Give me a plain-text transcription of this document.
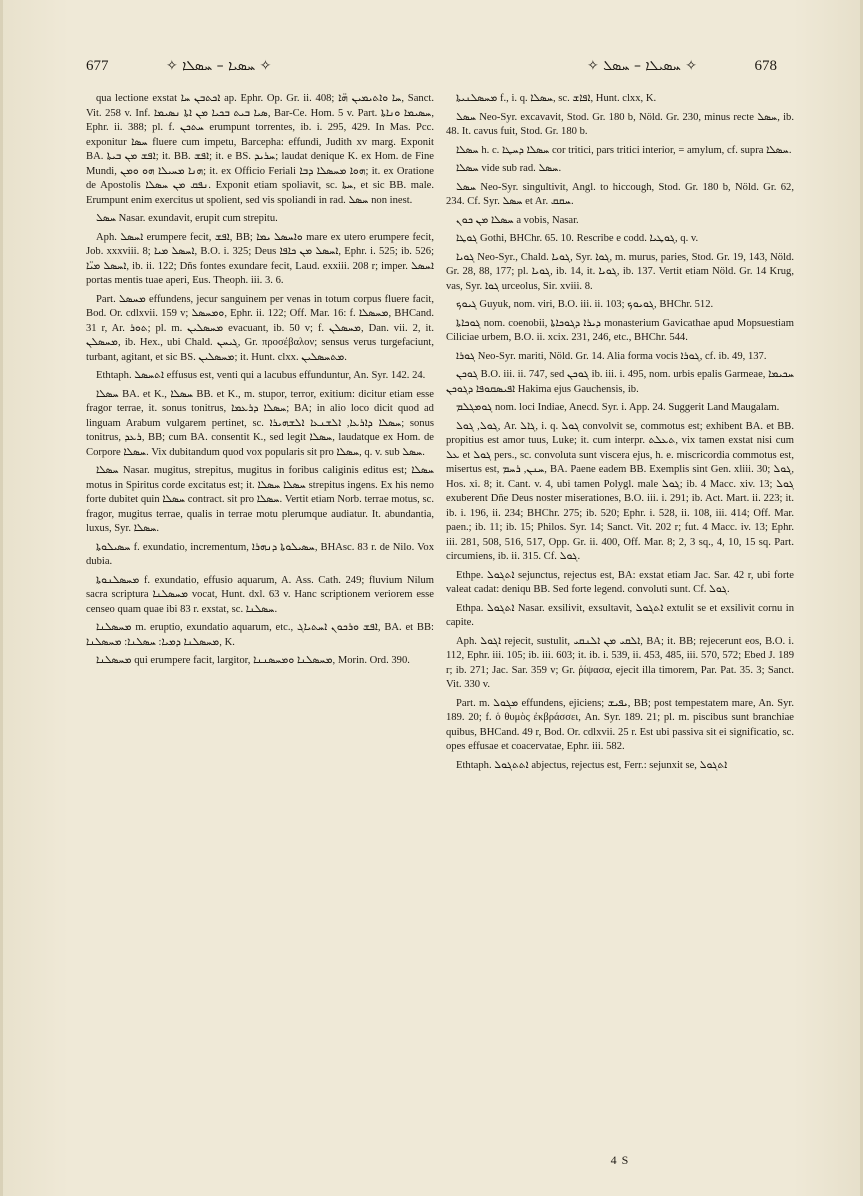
677	✧ ܚܣܝܐ – ܚܣܠܐ ✧	✧ ܚܣܝܠܐ – ܚܣܠ ✧	678

qua lectione exstat ܐܟܬܒܢ ܚܐ ap. Ephr. Op. Gr. ii. 408; ܚܐ ܘܐܬܝܡܝܢ ܗ̈ܐ, Sanct. Vit. 258 v. Inf. ܣܝܐ ܒܝܬ ܒܟܝܐ ܡܢ ܐܬܐ ܢܣܝܡܐ, Bar-Ce. Hom. 5 v. Part. ܚܣܝܡܐ ܘܢܐܬܐ, Ephr. ii. 388; pl. f. ܚܬܟܢ erumpunt torrentes, ib. i. 295, 429. In Mas. Pcc. exponitur ܚܣܐ fluere cum impetu, Barcepha: effundi, Judith xv marg. Exponit BA. ܐܦܫ ܡܢ ܒܝܬܐ; it. BB. ܐܦܫ; it. e BS. ܚܪܝܕ; laudat denique K. ex Hom. de Fine Mundi, ܗܢܐ ܡܚܝܠܐ ܗܘ ܘܡܢ; it. ex Officio Feriali ܗܘܐ ܡܚܣܠܐ ܕܒܐ; it. ex Oratione de Apostolis ܢܦܩ ܡܢ ܚܣܠܐ. Exponit etiam spoliavit, sc. ܚܬܐ, et sic BB. male. Erumpunt enim exercitus ut spolient, sed vis spoliandi in rad. ܚܣܠ non inest.

ܚܣܠ Nasar. exundavit, erupit cum strepitu.

Aph. ܐܚܣܠ erumpere fecit, ܐܦܫ, BB; ܘܐܚܣܠ ܝܡܐ mare ex utero erumpere fecit, Job. xxxviii. 8; ܐܚܣܠ ܡܝܐ, B.O. i. 325; Deus ܐܚܣܠ ܡܢ ܟܐܦܐ, Ephr. i. 525; ib. 526; ܐܚܣܠ ܡܝ̈ܐ, ib. ii. 122; Dñs fontes exundare fecit, Laud. exxiii. 208 r; imper. ܐܚܣܠ portas mentis tuae aperi, Eus. Theoph. iii. 3. 6.

Part. ܡܚܣܠ effundens, jecur sanguinem per venas in totum corpus fluere facit, Bod. Or. cdlxvii. 159 v; ܘܡܚܣܠ, Ephr. ii. 122; Off. Mar. 16: f. ܡܚܣܠܐ, BHCand. 31 r, Ar. ܬܘܪ; pl. m. ܡܚܣܠܝܢ evacuant, ib. 50 v; f. ܡܚܣܠܢ, Dan. vii. 2, it. ܡܚܣܠܢ, ib. Hex., ubi Chald. ܓܝܚܢ, Gr. προσέβαλον; sensus verus turgefaciunt, turbant, agitant, et sic BS. ܡܚܣܠܝܢ; it. Hunt. clxx. ܡܬܚܣܠܝܢ.

Ethtaph. ܐܬܚܣܠ effusus est, venti qui a lacubus effunduntur, An. Syr. 142. 24.

ܚܣܠܐ BA. et K., ܚܣܠܐ BB. et K., m. stupor, terror, exitium: dicitur etiam esse fragor terrae, it. sonus tonitrus, ܚܣܠܐ ܕܪܥܡܐ; BA; in alio loco dicit quod ad linguam Arabum vulgarem pertinet, sc. ܚܣܠܐ ܕܐܪܥܐ, ܐܠܫܢܥܐ ܐܠܫܗܝܪܐ; sonus tonitrus, ܪܥܕ, BB; cum BA. consentit K., sed legit ܚܣܠܐ, laudatque ex Hom. de Corpore ܚܣܠܐ. Vix dubitandum quod vox popularis sit pro ܚܣܠܐ, q. v. sub ܚܣܠ.

ܚܣܠܐ Nasar. mugitus, strepitus, mugitus in foribus caliginis editus est; ܚܣܠܐ motus in Spiritus corde excitatus est; it. ܚܣܠܐ ܚܣܠܐ strepitus ingens. Ex his nemo forte dubitet quin ܚܣܠܐ contract. sit pro ܚܣܠܐ. Vertit etiam Norb. terrae motus, sc. fragor, mugitus terrae, qualis in terrae motu plerumque audiatur. It. abundantia, luxus, Syr. ܚܣܠܐ.

ܚܣܝܠܘܬܐ f. exundatio, incrementum, ܚܣܝܠܘܬܐ ܕܢܗܪܐ, BHAsc. 83 r. de Nilo. Vox dubia.

ܡܚܣܠܢܘܬܐ f. exundatio, effusio aquarum, A. Ass. Cath. 249; fluvium Nilum sacra scriptura ܡܚܣܠܢܐ vocat, Hunt. dxl. 63 v. Hanc scriptionem veriorem esse censeo quam quae ibi 83 r. exstat, sc. ܚܣܠܢܐ.

ܡܚܣܠܢܐ m. eruptio, exundatio aquarum, etc., ܐܦܫ ܘܪܟܘܢ ܐܚܬܝܐܓ, BA. et BB: ܡܚܣܠܢܐ ܕܡܝܐ: ܚܣܠܢܐ: ܡܚܣܠܢܐ, K.

ܡܚܣܠܢܐ qui erumpere facit, largitor, ܡܚܣܠܢܐ ܘܡܚܣܢܢܐ, Morin. Ord. 390.

ܡܚܣܠܢܝܬܐ f., i. q. ܚܣܠܐ, sc. ܐܦܐܫ, Hunt. clxx, K.

ܚܣܠ Neo-Syr. excavavit, Stod. Gr. 180 b, Nöld. Gr. 230, minus recte ܚܣܠ, ib. 48. It. cavus fuit, Stod. Gr. 180 b.

ܚܣܠܐ h. c. ܚܣܠܐ ܕܚܛܐ cor tritici, pars tritici interior, = amylum, cf. supra ܚܣܠܐ.

ܚܣܠܐ vide sub rad. ܚܣܠ.

ܚܣܠ Neo-Syr. singultivit, Angl. to hiccough, Stod. Gr. 180 b, Nöld. Gr. 62, 234. Cf. Syr. ܚܣܠ et Ar. ܚܩܩ.

ܚܣܠܐ ܡܢ ܟܘܢ a vobis, Nasar.

ܓܘܛܐ Gothi, BHChr. 65. 10. Rescribe e codd. ܓܘܛܝܐ, q. v.

ܓܘܝܐ Neo-Syr., Chald. ܓܘܝܐ, Syr. ܓܘܐ, m. murus, paries, Stod. Gr. 19, 143, Nöld. Gr. 28, 88, 177; pl. ܓܘܝܐ, ib. 14, it. ܓܘܝܐ, ib. 137. Vertit etiam Nöld. Gr. 14 Krug, vas, Syr. ܓܘܐ urceolus, Sir. xviii. 8.

ܓܝܘܟ Guyuk, nom. viri, B.O. iii. ii. 103; ܓܘܝܘܟ, BHChr. 512.

ܓܘܟܐܬܐ nom. coenobii, ܕܝܪܐ ܕܓܘܟܐܬܐ monasterium Gavicathae apud Mopsuestiam Ciliciae urbem, B.O. ii. xcix. 231, 246, etc., BHChr. 544.

ܓܘܪܐ Neo-Syr. mariti, Nöld. Gr. 14. Alia forma vocis ܓܘܪܐ, cf. ib. 49, 137.

ܓܘܟܢ B.O. iii. ii. 747, sed ܓܘܟܢ ib. iii. i. 495, nom. urbis epalis Garmeae, ܚܟܝܡܐ ܐܦܝܣܩܘܦܐ ܕܓܘܟܢ Hakima ejus Gauchensis, ib.

ܓܘܡܓܠܡ nom. loci Indiae, Anecd. Syr. i. App. 24. Suggerit Land Maugalam.

ܓܘܠ, ܓܘܠ, Ar. ܓܐܠ, i. q. ܓܘܠ convolvit se, commotus est; exhibent BA. et BB. propitius est amor tuus, Luke; it. cum interpr. ܬܥܠܬ, vix tamen exstat nisi cum ܥܠ et ܓܘܠ pers., sc. convoluta sunt viscera ejus, h. e. miscricordia commotus est, misertus est, ܚܢܢ, ܪܚܡ, BA. Paene eadem BB. Exemplis sint Gen. xliii. 30; ܓܘܠ, Hos. xi. 8; it. Cant. v. 4, ubi tamen Polygl. male ܓܘܠ; ib. 4 Macc. xiv. 13; ܓܘܠ exuberent Dñe Deus noster miserationes, B.O. iii. i. 291; ib. Act. Mart. ii. 223; it. ib. i. 196, ii. 234; BHChr. 275; ib. 520; Ephr. i. 528, ii. 108, iii. 414; Off. Mar. paen.; ib. 11; ib. 15; Philos. Syr. 14; Sanct. Vit. 202 r; fut. 4 Macc. iv. 13; Ephr. iii. 281, 508, 516, 517, Opp. Gr. ii. 400, Off. Mar. 8; 2, 3 sq., 4, 10, 15 sq. Part. circumiens, ib. ii. 315. Cf. ܓܘܠ.

Ethpe. ܐܬܓܘܠ sejunctus, rejectus est, BA: exstat etiam Jac. Sar. 42 r, ubi forte valeat cadat: deniqu BB. Sed forte legend. convoluti sunt. Cf. ܓܘܠ.

Ethpa. ܐܬܓܘܠ Nasar. exsilivit, exsultavit, ܐܬܓܘܠ extulit se et exsilivit cornu in capite.

Aph. ܐܓܘܠ rejecit, sustulit, ܐܠܩܝ ܡܢ ܐܠܢܩܝ, BA; it. BB; rejecerunt eos, B.O. i. 112, Ephr. iii. 105; ib. iii. 603; it. ib. i. 539, ii. 453, 485, iii. 570, 572; Ebed J. 189 r; ib. 271; Jac. Sar. 359 v; Gr. ῥίψασα, ejecit illa timorem, Par. Pat. 35. 3; Sanct. Vit. 330 v.

Part. m. ܡܓܘܠ effundens, ejiciens; ܝܦܝܫ, BB; post tempestatem mare, An. Syr. 189. 20; f. ὁ θυμὸς ἐκβράσσει, An. Syr. 189. 21; pl. m. piscibus sunt branchiae quibus, BHCand. 49 r, Bod. Or. cdlxvii. 25 r. Est ubi passiva sit ei significatio, sc. opes effusae et coacervatae, Ephr. iii. 582.

Ethtaph. ܐܬܬܓܘܠ abjectus, rejectus est, Ferr.: sejunxit se, ܐܬܓܘܠ

4 S
